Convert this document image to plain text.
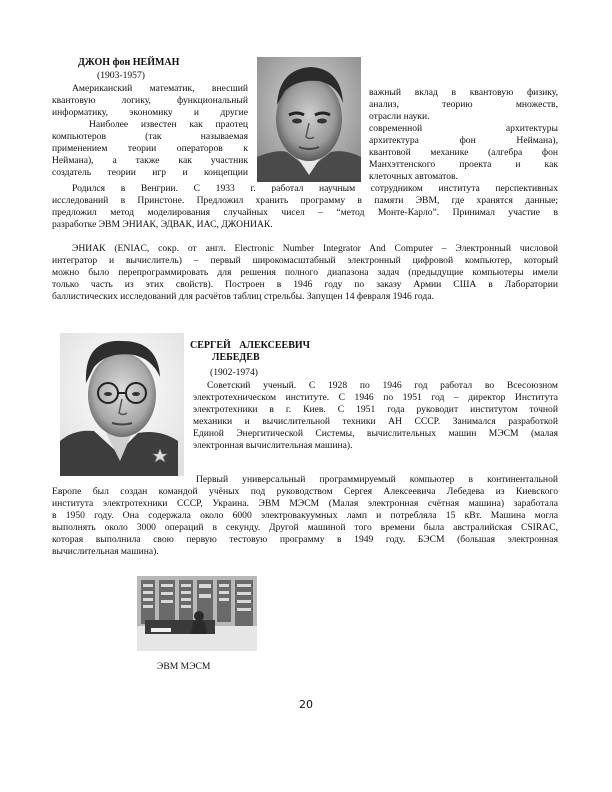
ДЖОН фон НЕЙМАН
(1903-1957)
Американский математик, внесший
квантовую логику, функциональный
информатику, экономику и другие
Наиболее известен как праотец
компьютеров (так называемая
применением теории операторов к
Неймана), а также как участник
создатель теории игр и концепции
важный вклад в квантовую физику,
анализ, теорию множеств,
отрасли науки.
современной архитектуры
архитектура фон Неймана),
квантовой механике (алгебра фон
Манхэттенского проекта и как
клеточных автоматов.
Родился в Венгрии. С 1933 г. работал научным сотрудником института перспективных
исследований в Принстоне. Предложил хранить программу в памяти ЭВМ, где хранятся данные;
предложил метод моделирования случайных чисел – “метод Монте-Карло”. Принимал участие в
разработке ЭВМ ЭНИАК, ЭДВАК, ИАС, ДЖОНИАК.
ЭНИАК (ENIAC, сокр. от англ. Electronic Number Integrator And Computer – Электронный числовой
интегратор и вычислитель) – первый широкомасштабный электронный цифровой компьютер, который
можно было перепрограммировать для решения полного диапазона задач (предыдущие компьютеры имели
только часть из этих свойств). Построен в 1946 году по заказу Армии США в Лаборатории
баллистических исследований для расчётов таблиц стрельбы. Запущен 14 февраля 1946 года.
СЕРГЕЙ АЛЕКСЕЕВИЧ
ЛЕБЕДЕВ
(1902-1974)
Советский ученый. С 1928 по 1946 год работал во Всесоюзном
электротехническом институте. С 1946 по 1951 год – директор Института
электротехники в г. Киев. С 1951 года руководит институтом точной
механики и вычислительной техники АН СССР. Занимался разработкой
Единой Энергитической Системы, вычислительных машин МЭСМ (малая
электронная вычислительная машина).
Первый универсальный программируемый компьютер в континентальной
Европе был создан командой учёных под руководством Сергея Алексеевича Лебедева из Киевского
института электротехники СССР, Украина. ЭВМ МЭСМ (Малая электронная счётная машина) заработала
в 1950 году. Она содержала около 6000 электровакуумных ламп и потребляла 15 кВт. Машина могла
выполнять около 3000 операций в секунду. Другой машиной того времени была австралийская CSIRAC,
которая выполнила свою первую тестовую программу в 1949 году. БЭСМ (большая электронная
вычислительная машина).
ЭВМ МЭСМ
20
